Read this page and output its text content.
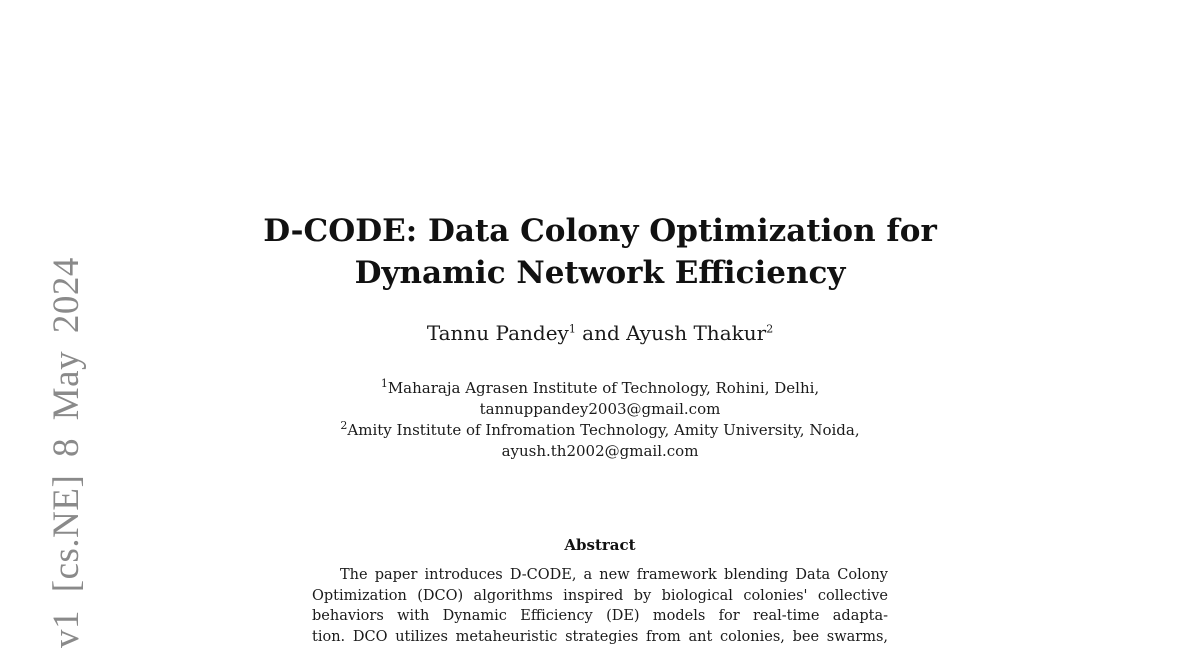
v1 [cs.NE] 8 May 2024
D-CODE: Data Colony Optimization for
Dynamic Network Efficiency
Tannu Pandey$^1$ and Ayush Thakur$^2$
$^1$Maharaja Agrasen Institute of Technology, Rohini, Delhi,
tannuppandey2003@gmail.com
$^2$Amity Institute of Infromation Technology, Amity University, Noida,
ayush.th2002@gmail.com
Abstract
The paper introduces D-CODE, a new framework blending Data Colony
Optimization (DCO) algorithms inspired by biological colonies' collective
behaviors with Dynamic Efficiency (DE) models for real-time adapta-
tion. DCO utilizes metaheuristic strategies from ant colonies, bee swarms,
